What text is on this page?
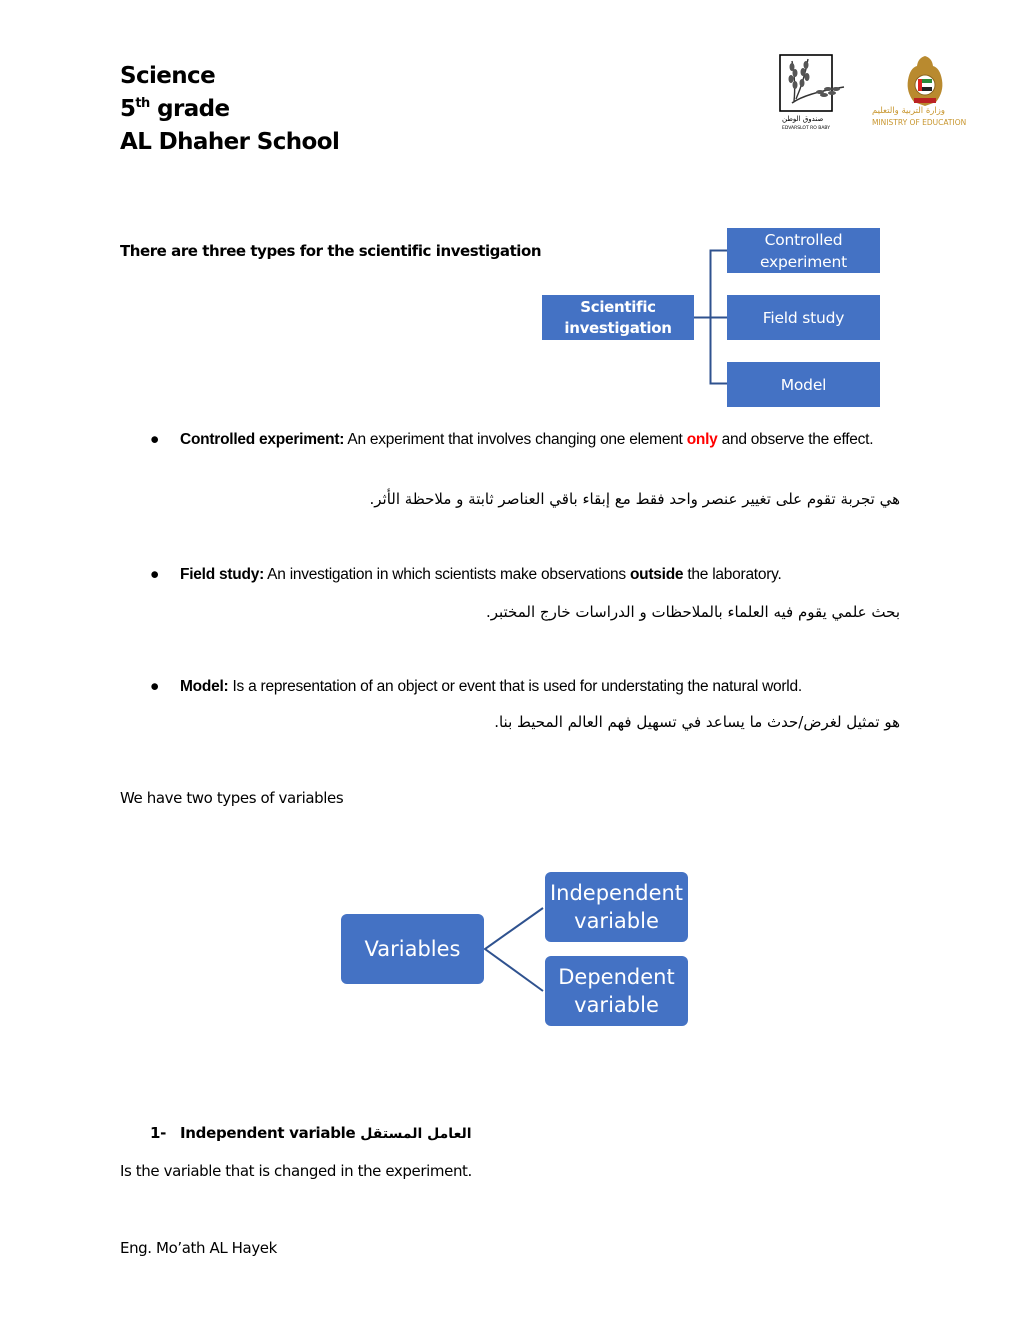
Science
5th grade
AL Dhaher School
صندوق الوطن
EDVARSLOT RO BABY
وزارة التربية والتعليم
MINISTRY OF EDUCATION
There are three types for the scientific investigation
Scientific investigation
Controlled experiment
Field study
Model
● Controlled experiment: An experiment that involves changing one element only and observe the effect.
هي تجربة تقوم على تغيير عنصر واحد فقط مع إبقاء باقي العناصر ثابتة و ملاحظة الأثر.
● Field study: An investigation in which scientists make observations outside the laboratory.
بحث علمي يقوم فيه العلماء بالملاحظات و الدراسات خارج المختبر.
● Model: Is a representation of an object or event that is used for understating the natural world.
هو تمثيل لغرض/حدث ما يساعد في تسهيل فهم العالم المحيط بنا.
We have two types of variables
Variables
Independent variable
Dependent variable
1- Independent variable العامل المستقل
Is the variable that is changed in the experiment.
Eng. Mo’ath AL Hayek
